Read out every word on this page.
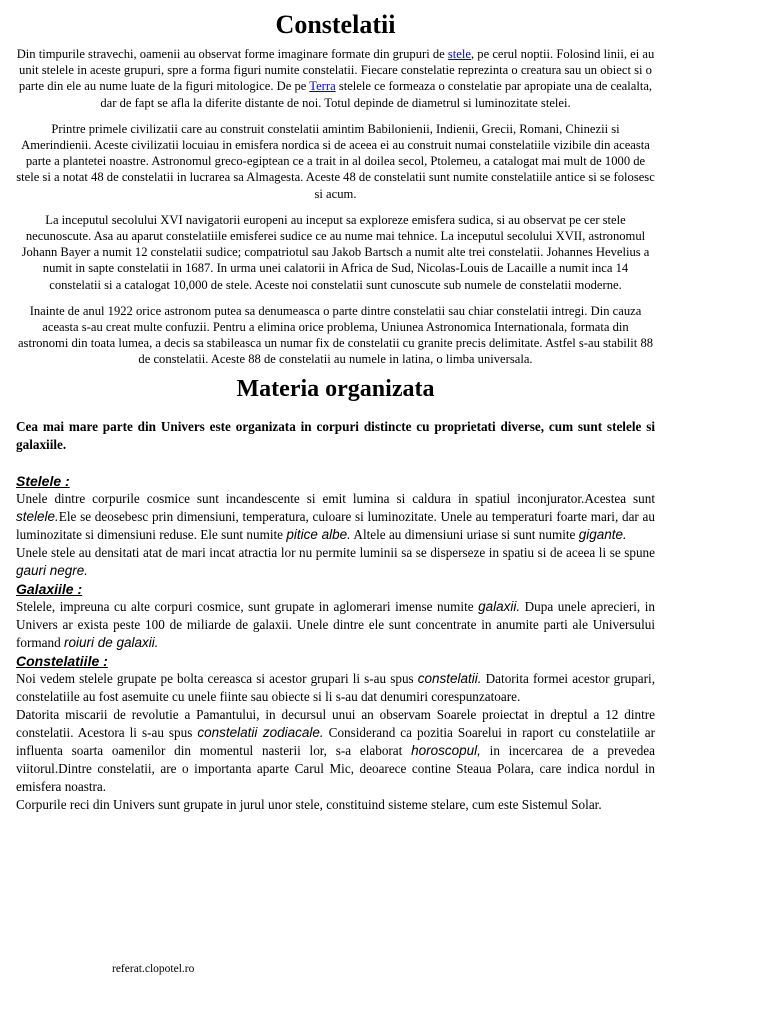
Constelatii

Din timpurile stravechi, oamenii au observat forme imaginare formate din grupuri de stele, pe cerul noptii. Folosind linii, ei au unit stelele in aceste grupuri, spre a forma figuri numite constelatii. Fiecare constelatie reprezinta o creatura sau un obiect si o parte din ele au nume luate de la figuri mitologice. De pe Terra stelele ce formeaza o constelatie par apropiate una de cealalta, dar de fapt se afla la diferite distante de noi. Totul depinde de diametrul si luminozitate stelei.

Printre primele civilizatii care au construit constelatii amintim Babilonienii, Indienii, Grecii, Romani, Chinezii si Amerindienii. Aceste civilizatii locuiau in emisfera nordica si de aceea ei au construit numai constelatiile vizibile din aceasta parte a plantetei noastre. Astronomul greco-egiptean ce a trait in al doilea secol, Ptolemeu, a catalogat mai mult de 1000 de stele si a notat 48 de constelatii in lucrarea sa Almagesta. Aceste 48 de constelatii sunt numite constelatiile antice si se folosesc si acum.

La inceputul secolului XVI navigatorii europeni au inceput sa exploreze emisfera sudica, si au observat pe cer stele necunoscute. Asa au aparut constelatiile emisferei sudice ce au nume mai tehnice. La inceputul secolului XVII, astronomul Johann Bayer a numit 12 constelatii sudice; compatriotul sau Jakob Bartsch a numit alte trei constelatii. Johannes Hevelius a numit in sapte constelatii in 1687. In urma unei calatorii in Africa de Sud, Nicolas-Louis de Lacaille a numit inca 14 constelatii si a catalogat 10,000 de stele. Aceste noi constelatii sunt cunoscute sub numele de constelatii moderne.

Inainte de anul 1922 orice astronom putea sa denumeasca o parte dintre constelatii sau chiar constelatii intregi. Din cauza aceasta s-au creat multe confuzii. Pentru a elimina orice problema, Uniunea Astronomica Internationala, formata din astronomi din toata lumea, a decis sa stabileasca un numar fix de constelatii cu granite precis delimitate. Astfel s-au stabilit 88 de constelatii. Aceste 88 de constelatii au numele in latina, o limba universala.

Materia organizata

Cea mai mare parte din Univers este organizata in corpuri distincte cu proprietati diverse, cum sunt stelele si galaxiile.

Stelele :

Unele dintre corpurile cosmice sunt incandescente si emit lumina si caldura in spatiul inconjurator.Acestea sunt stelele.Ele se deosebesc prin dimensiuni, temperatura, culoare si luminozitate. Unele au temperaturi foarte mari, dar au luminozitate si dimensiuni reduse. Ele sunt numite pitice albe. Altele au dimensiuni uriase si sunt numite gigante.

Unele stele au densitati atat de mari incat atractia lor nu permite luminii sa se disperseze in spatiu si de aceea li se spune gauri negre.

Galaxiile :

Stelele, impreuna cu alte corpuri cosmice, sunt grupate in aglomerari imense numite galaxii. Dupa unele aprecieri, in Univers ar exista peste 100 de miliarde de galaxii. Unele dintre ele sunt concentrate in anumite parti ale Universului formand roiuri de galaxii.

Constelatiile :

Noi vedem stelele grupate pe bolta cereasca si acestor grupari li s-au spus constelatii. Datorita formei acestor grupari, constelatiile au fost asemuite cu unele fiinte sau obiecte si li s-au dat denumiri corespunzatoare.

Datorita miscarii de revolutie a Pamantului, in decursul unui an observam Soarele proiectat in dreptul a 12 dintre constelatii. Acestora li s-au spus constelatii zodiacale. Considerand ca pozitia Soarelui in raport cu constelatiile ar influenta soarta oamenilor din momentul nasterii lor, s-a elaborat horoscopul, in incercarea de a prevedea viitorul.Dintre constelatii, are o importanta aparte Carul Mic, deoarece contine Steaua Polara, care indica nordul in emisfera noastra.

Corpurile reci din Univers sunt grupate in jurul unor stele, constituind sisteme stelare, cum este Sistemul Solar.

referat.clopotel.ro
